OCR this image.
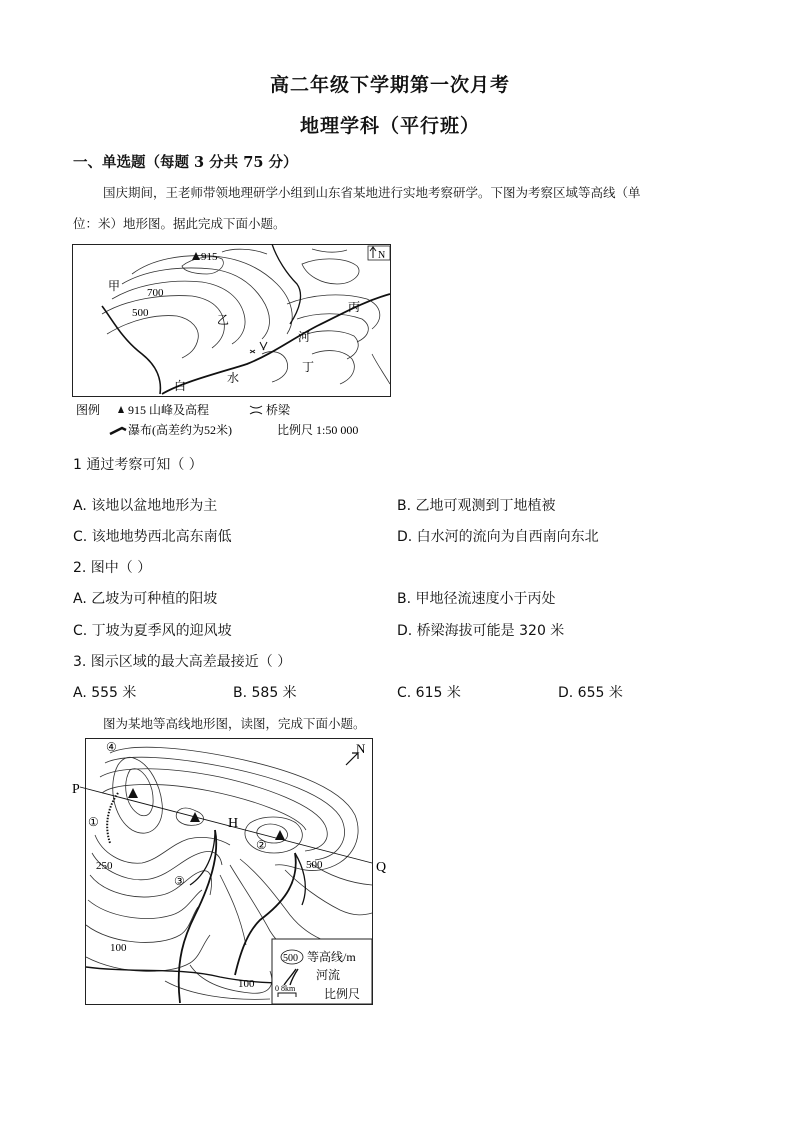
高二年级下学期第一次月考
地理学科（平行班）
一、单选题（每题 3 分共 75 分）
国庆期间，王老师带领地理研学小组到山东省某地进行实地考察研学。下图为考察区域等高线（单
位：米）地形图。据此完成下面小题。
915
甲 700
500	乙
丙
河
丁
白
水
N
图例 915 山峰及高程	桥梁
瀑布(高差约为52米)	比例尺 1:50 000
1 通过考察可知（ ）
A. 该地以盆地地形为主	B. 乙地可观测到丁地植被
C. 该地地势西北高东南低	D. 白水河的流向为自西南向东北
2. 图中（ ）
A. 乙坡为可种植的阳坡	B. 甲地径流速度小于丙处
C. 丁坡为夏季风的迎风坡	D. 桥梁海拔可能是 320 米
3. 图示区域的最大高差最接近（ ）
A. 555 米	B. 585 米	C. 615 米	D. 655 米
图为某地等高线地形图，读图，完成下面小题。
P
Q
H
N
①
②
③
④
250	500
100
100
500 等高线/m
河流
0 8km 比例尺
